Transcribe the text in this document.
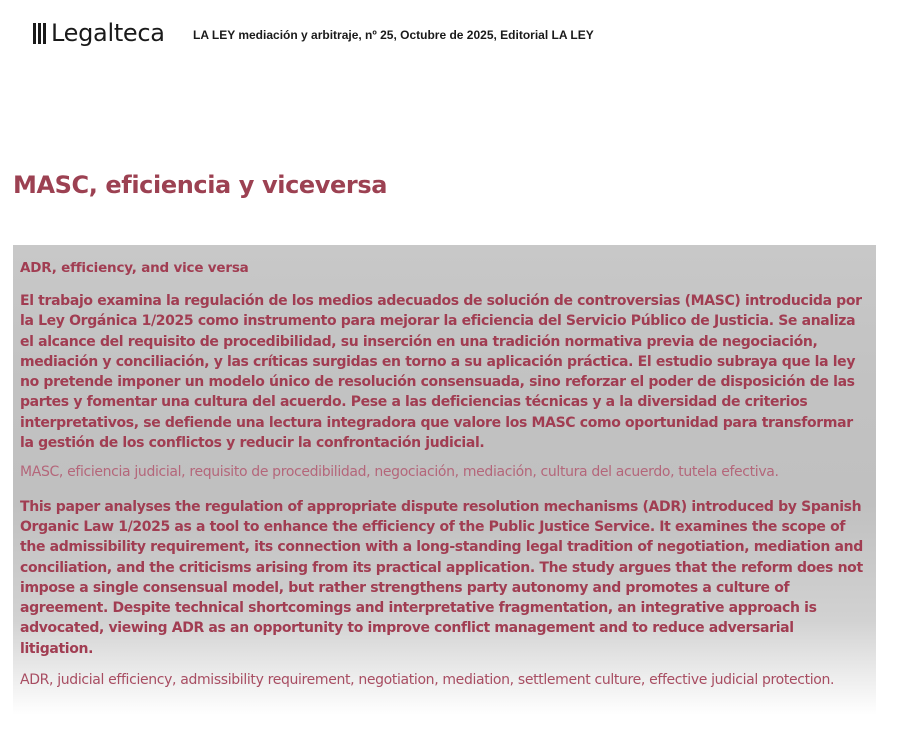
Legalteca LA LEY mediación y arbitraje, nº 25, Octubre de 2025, Editorial LA LEY
MASC, eficiencia y viceversa

ADR, efficiency, and vice versa

El trabajo examina la regulación de los medios adecuados de solución de controversias (MASC) introducida por la Ley Orgánica 1/2025 como instrumento para mejorar la eficiencia del Servicio Público de Justicia. Se analiza el alcance del requisito de procedibilidad, su inserción en una tradición normativa previa de negociación, mediación y conciliación, y las críticas surgidas en torno a su aplicación práctica. El estudio subraya que la ley no pretende imponer un modelo único de resolución consensuada, sino reforzar el poder de disposición de las partes y fomentar una cultura del acuerdo. Pese a las deficiencias técnicas y a la diversidad de criterios interpretativos, se defiende una lectura integradora que valore los MASC como oportunidad para transformar la gestión de los conflictos y reducir la confrontación judicial.

MASC, eficiencia judicial, requisito de procedibilidad, negociación, mediación, cultura del acuerdo, tutela efectiva.

This paper analyses the regulation of appropriate dispute resolution mechanisms (ADR) introduced by Spanish Organic Law 1/2025 as a tool to enhance the efficiency of the Public Justice Service. It examines the scope of the admissibility requirement, its connection with a long-standing legal tradition of negotiation, mediation and conciliation, and the criticisms arising from its practical application. The study argues that the reform does not impose a single consensual model, but rather strengthens party autonomy and promotes a culture of agreement. Despite technical shortcomings and interpretative fragmentation, an integrative approach is advocated, viewing ADR as an opportunity to improve conflict management and to reduce adversarial litigation.

ADR, judicial efficiency, admissibility requirement, negotiation, mediation, settlement culture, effective judicial protection.
